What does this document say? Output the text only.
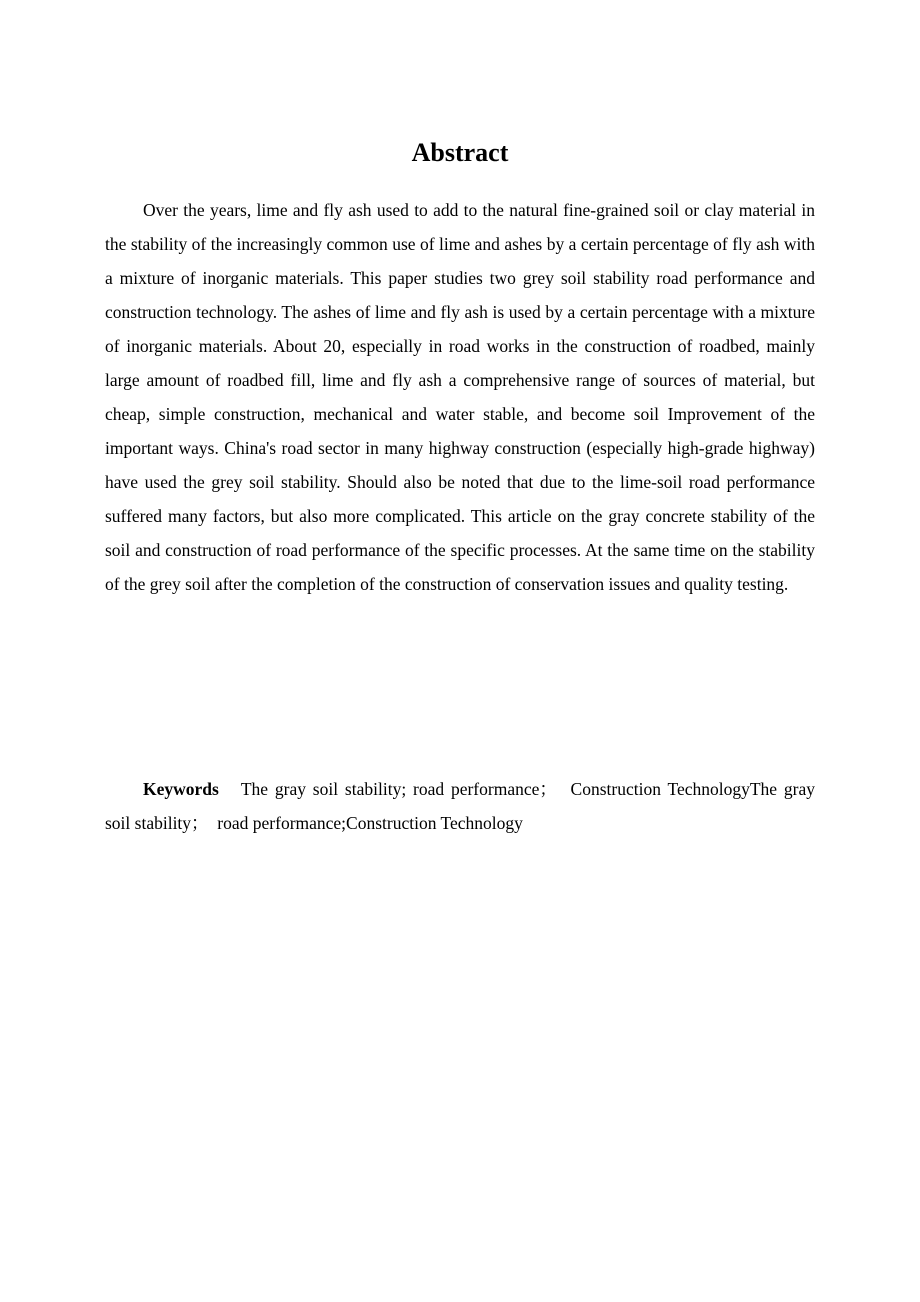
Abstract

Over the years, lime and fly ash used to add to the natural fine-grained soil or clay material in the stability of the increasingly common use of lime and ashes by a certain percentage of fly ash with a mixture of inorganic materials. This paper studies two grey soil stability road performance and construction technology. The ashes of lime and fly ash is used by a certain percentage with a mixture of inorganic materials. About 20, especially in road works in the construction of roadbed, mainly large amount of roadbed fill, lime and fly ash a comprehensive range of sources of material, but cheap, simple construction, mechanical and water stable, and become soil Improvement of the important ways. China's road sector in many highway construction (especially high-grade highway) have used the grey soil stability. Should also be noted that due to the lime-soil road performance suffered many factors, but also more complicated. This article on the gray concrete stability of the soil and construction of road performance of the specific processes. At the same time on the stability of the grey soil after the completion of the construction of conservation issues and quality testing.

Keywords The gray soil stability; road performance；　Construction TechnologyThe gray soil stability；　road performance;Construction Technology
